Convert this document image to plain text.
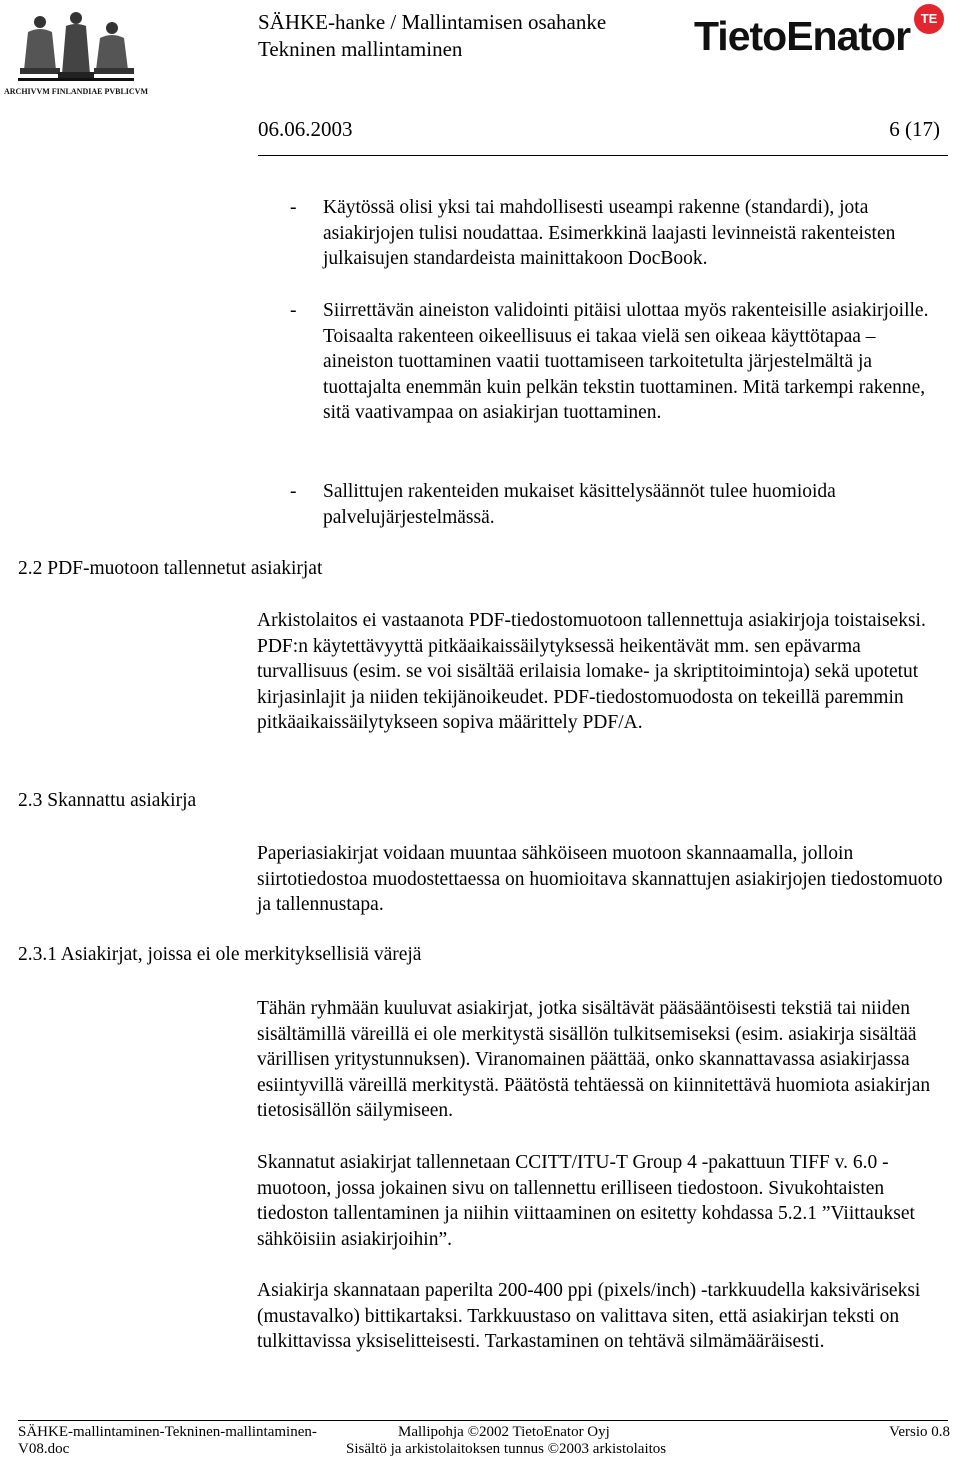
ARCHIVVM FINLANDIAE PVBLICVM
SÄHKE-hanke / Mallintamisen osahanke
Tekninen mallintaminen	TietoEnator TE
06.06.2003	6 (17)
- Käytössä olisi yksi tai mahdollisesti useampi rakenne (standardi), jota asiakirjojen tulisi noudattaa. Esimerkkinä laajasti levinneistä rakenteisten julkaisujen standardeista mainittakoon DocBook.
- Siirrettävän aineiston validointi pitäisi ulottaa myös rakenteisille asiakirjoille. Toisaalta rakenteen oikeellisuus ei takaa vielä sen oikeaa käyttötapaa – aineiston tuottaminen vaatii tuottamiseen tarkoitetulta järjestelmältä ja tuottajalta enemmän kuin pelkän tekstin tuottaminen. Mitä tarkempi rakenne, sitä vaativampaa on asiakirjan tuottaminen.
- Sallittujen rakenteiden mukaiset käsittelysäännöt tulee huomioida palvelujärjestelmässä.
2.2 PDF-muotoon tallennetut asiakirjat
Arkistolaitos ei vastaanota PDF-tiedostomuotoon tallennettuja asiakirjoja toistaiseksi. PDF:n käytettävyyttä pitkäaikaissäilytyksessä heikentävät mm. sen epävarma turvallisuus (esim. se voi sisältää erilaisia lomake- ja skriptitoimintoja) sekä upotetut kirjasinlajit ja niiden tekijänoikeudet. PDF-tiedostomuodosta on tekeillä paremmin pitkäaikaissäilytykseen sopiva määrittely PDF/A.
2.3 Skannattu asiakirja
Paperiasiakirjat voidaan muuntaa sähköiseen muotoon skannaamalla, jolloin siirtotiedostoa muodostettaessa on huomioitava skannattujen asiakirjojen tiedostomuoto ja tallennustapa.
2.3.1 Asiakirjat, joissa ei ole merkityksellisiä värejä
Tähän ryhmään kuuluvat asiakirjat, jotka sisältävät pääsääntöisesti tekstiä tai niiden sisältämillä väreillä ei ole merkitystä sisällön tulkitsemiseksi (esim. asiakirja sisältää värillisen yritystunnuksen). Viranomainen päättää, onko skannattavassa asiakirjassa esiintyvillä väreillä merkitystä. Päätöstä tehtäessä on kiinnitettävä huomiota asiakirjan tietosisällön säilymiseen.
Skannatut asiakirjat tallennetaan CCITT/ITU-T Group 4 -pakattuun TIFF v. 6.0 -muotoon, jossa jokainen sivu on tallennettu erilliseen tiedostoon. Sivukohtaisten tiedoston tallentaminen ja niihin viittaaminen on esitetty kohdassa 5.2.1 ”Viittaukset sähköisiin asiakirjoihin”.
Asiakirja skannataan paperilta 200-400 ppi (pixels/inch) -tarkkuudella kaksiväriseksi (mustavalko) bittikartaksi. Tarkkuustaso on valittava siten, että asiakirjan teksti on tulkittavissa yksiselitteisesti. Tarkastaminen on tehtävä silmämääräisesti.
SÄHKE-mallintaminen-Tekninen-mallintaminen-
V08.doc
Mallipohja ©2002 TietoEnator Oyj
Sisältö ja arkistolaitoksen tunnus ©2003 arkistolaitos
Versio 0.8
